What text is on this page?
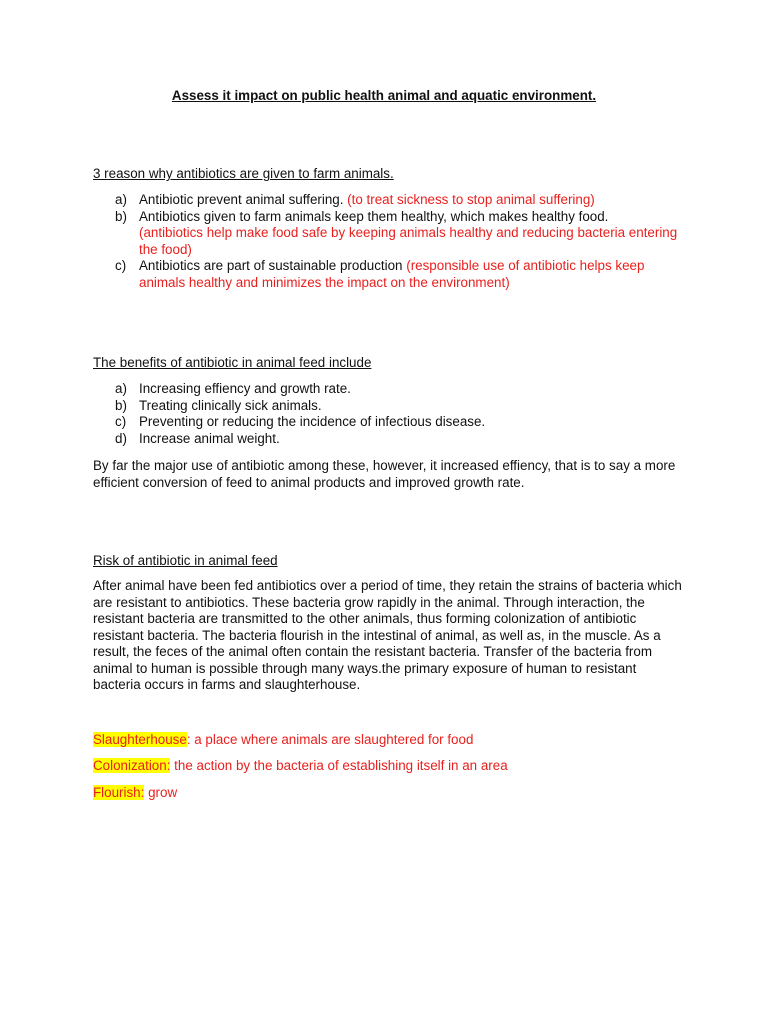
Assess it impact on public health animal and aquatic environment.
3 reason why antibiotics are given to farm animals.
a) Antibiotic prevent animal suffering. (to treat sickness to stop animal suffering)
b) Antibiotics given to farm animals keep them healthy, which makes healthy food.
(antibiotics help make food safe by keeping animals healthy and reducing bacteria entering the food)
c) Antibiotics are part of sustainable production (responsible use of antibiotic helps keep animals healthy and minimizes the impact on the environment)
The benefits of antibiotic in animal feed include
a) Increasing effiency and growth rate.
b) Treating clinically sick animals.
c) Preventing or reducing the incidence of infectious disease.
d) Increase animal weight.

By far the major use of antibiotic among these, however, it increased effiency, that is to say a more efficient conversion of feed to animal products and improved growth rate.

Risk of antibiotic in animal feed

After animal have been fed antibiotics over a period of time, they retain the strains of bacteria which are resistant to antibiotics. These bacteria grow rapidly in the animal. Through interaction, the resistant bacteria are transmitted to the other animals, thus forming colonization of antibiotic resistant bacteria. The bacteria flourish in the intestinal of animal, as well as, in the muscle. As a result, the feces of the animal often contain the resistant bacteria. Transfer of the bacteria from animal to human is possible through many ways.the primary exposure of human to resistant bacteria occurs in farms and slaughterhouse.

Slaughterhouse: a place where animals are slaughtered for food
Colonization: the action by the bacteria of establishing itself in an area
Flourish: grow
